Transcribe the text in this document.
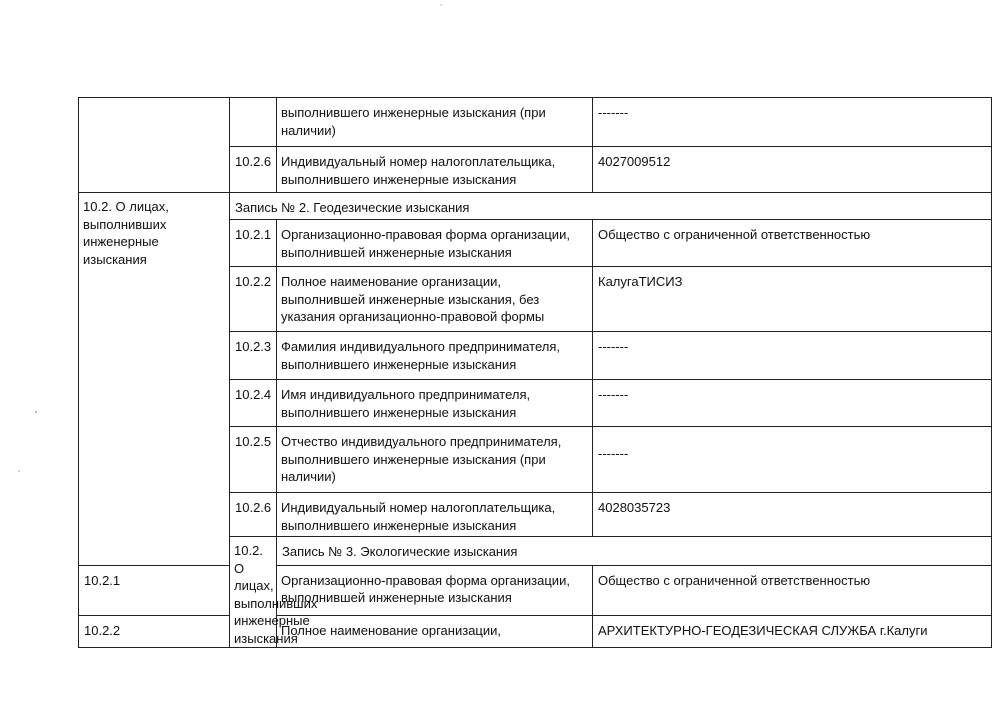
		выполнившего инженерные изыскания (при наличии)	-------
	10.2.6	Индивидуальный номер налогоплательщика, выполнившего инженерные изыскания	4027009512
10.2. О лицах, выполнивших инженерные изыскания	Запись № 2. Геодезические изыскания		
	10.2.1	Организационно-правовая форма организации, выполнившей инженерные изыскания	Общество с ограниченной ответственностью
	10.2.2	Полное наименование организации, выполнившей инженерные изыскания, без указания организационно-правовой формы	КалугаТИСИЗ
	10.2.3	Фамилия индивидуального предпринимателя, выполнившего инженерные изыскания	-------
	10.2.4	Имя индивидуального предпринимателя, выполнившего инженерные изыскания	-------
	10.2.5	Отчество индивидуального предпринимателя, выполнившего инженерные изыскания (при наличии)	-------
	10.2.6	Индивидуальный номер налогоплательщика, выполнившего инженерные изыскания	4028035723
	10.2. О лицах, выполнивших инженерные изыскания	Запись № 3. Экологические изыскания	
10.2.1		Организационно-правовая форма организации, выполнившей инженерные изыскания	Общество с ограниченной ответственностью
10.2.2		Полное наименование организации,	АРХИТЕКТУРНО-ГЕОДЕЗИЧЕСКАЯ СЛУЖБА г.Калуги
